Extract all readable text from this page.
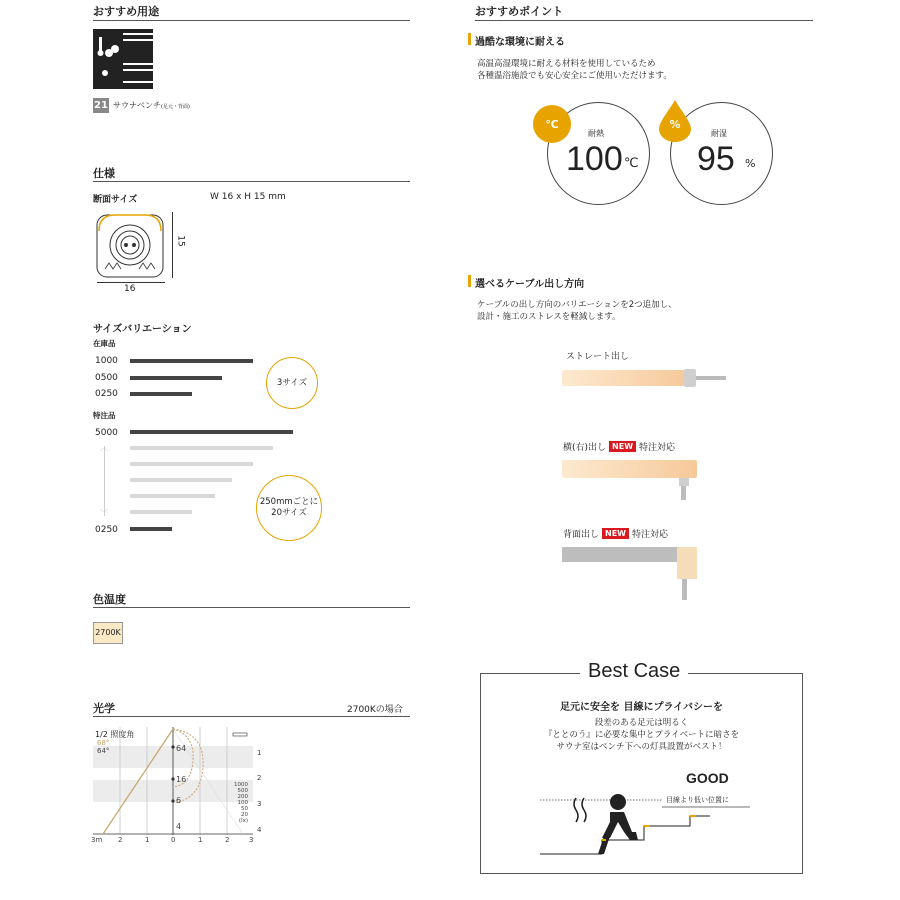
おすすめ用途
21 サウナベンチ(足元・背面)
仕様
断面サイズ	W 16 x H 15 mm
15
16
サイズバリエーション
在庫品
1000
0500
0250
3サイズ
特注品
5000
︿
﹀
0250
250mmごとに
20サイズ
色温度
2700K
光学	2700Kの場合
1/2 照度角
68°
64°	64
16
6
4
1
2
3
4
1000
500
200
100
50
20
(lx)
3m 2	1	0	1	2	3
おすすめポイント
過酷な環境に耐える
高温高湿環境に耐える材料を使用しているため
各種温浴施設でも安心安全にご使用いただけます。
℃
耐熱
100 ℃
%
耐湿
95 %
選べるケーブル出し方向
ケーブルの出し方向のバリエーションを2つ追加し、
設計・施工のストレスを軽減します。
ストレート出し
横(右)出し NEW 特注対応
背面出し NEW 特注対応
Best Case
足元に安全を 目線にプライバシーを
段差のある足元は明るく
『ととのう』に必要な集中とプライベートに暗さを
サウナ室はベンチ下への灯具設置がベスト！
GOOD
目線より低い位置に
